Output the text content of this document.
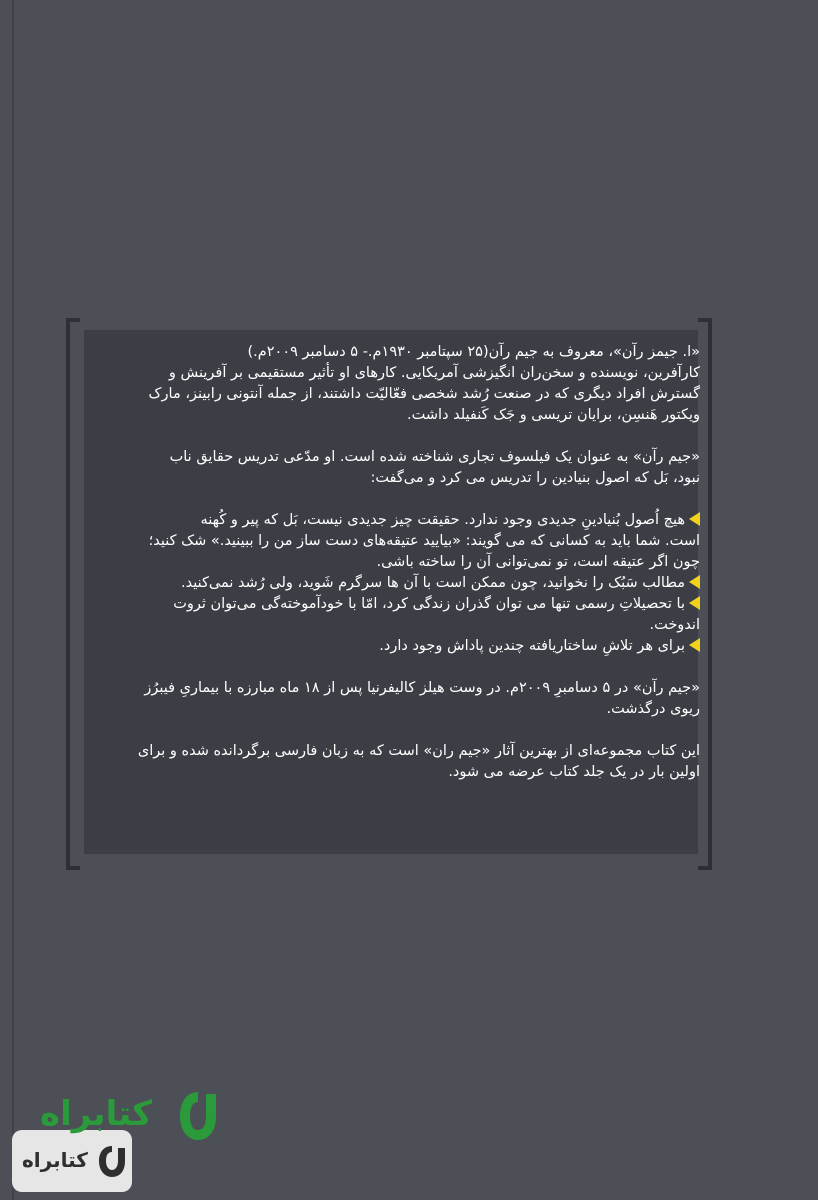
«ا. جیمز رآن»، معروف به جیم رآن(۲۵ سپتامبر ۱۹۳۰م.- ۵ دسامبر ۲۰۰۹م.)
کارآفرین، نویسنده و سخن‌ران انگیزشی آمریکایی. کارهای او تأثیر مستقیمی بر آفرینش و
گسترش افراد دیگری که در صنعت رُشد شخصی فعّالیّت داشتند، از جمله آنتونی رابینز، مارک
ویکتور هَنسِن، برایان تریسی و جَک کَنفیلد داشت.

«جیم رآن» به عنوان یک فیلسوف تجاری شناخته شده است. او مدّعی تدریس حقایق ناب
نبود، بَل که اصول بنیادین را تدریس می کرد و می‌گفت:

هیچ اُصول بُنیادینِ جدیدی وجود ندارد. حقیقت چیز جدیدی نیست، بَل که پیر و کُهنه
است. شما باید به کسانی که می گویند: «بیایید عتیقه‌های دست ساز من را ببینید.» شک کنید؛
چون اگر عتیقه است، تو نمی‌توانی آن را ساخته باشی.
مطالب سَبُک را نخوانید، چون ممکن است با آن ها سرگرم شَوید، ولی رُشد نمی‌کنید.
با تحصیلاتِ رسمی تنها می توان گذران زندگی کرد، امّا با خودآموخته‌گی می‌توان ثروت
اندوخت.
برای هر تلاشِ ساختاریافته چندین پاداش وجود دارد.

«جیم رآن» در ۵ دسامبرِ ۲۰۰۹م. در وست هیلز کالیفرنیا پس از ۱۸ ماه مبارزه با بیماریِ فیبرُز
ریوی درگذشت.

این کتاب مجموعه‌ای از بهترین آثار «جیم ران» است که به زبان فارسی برگردانده شده و برای
اولین بار در یک جلد کتاب عرضه می شود.

کتابراه
کتابراه
